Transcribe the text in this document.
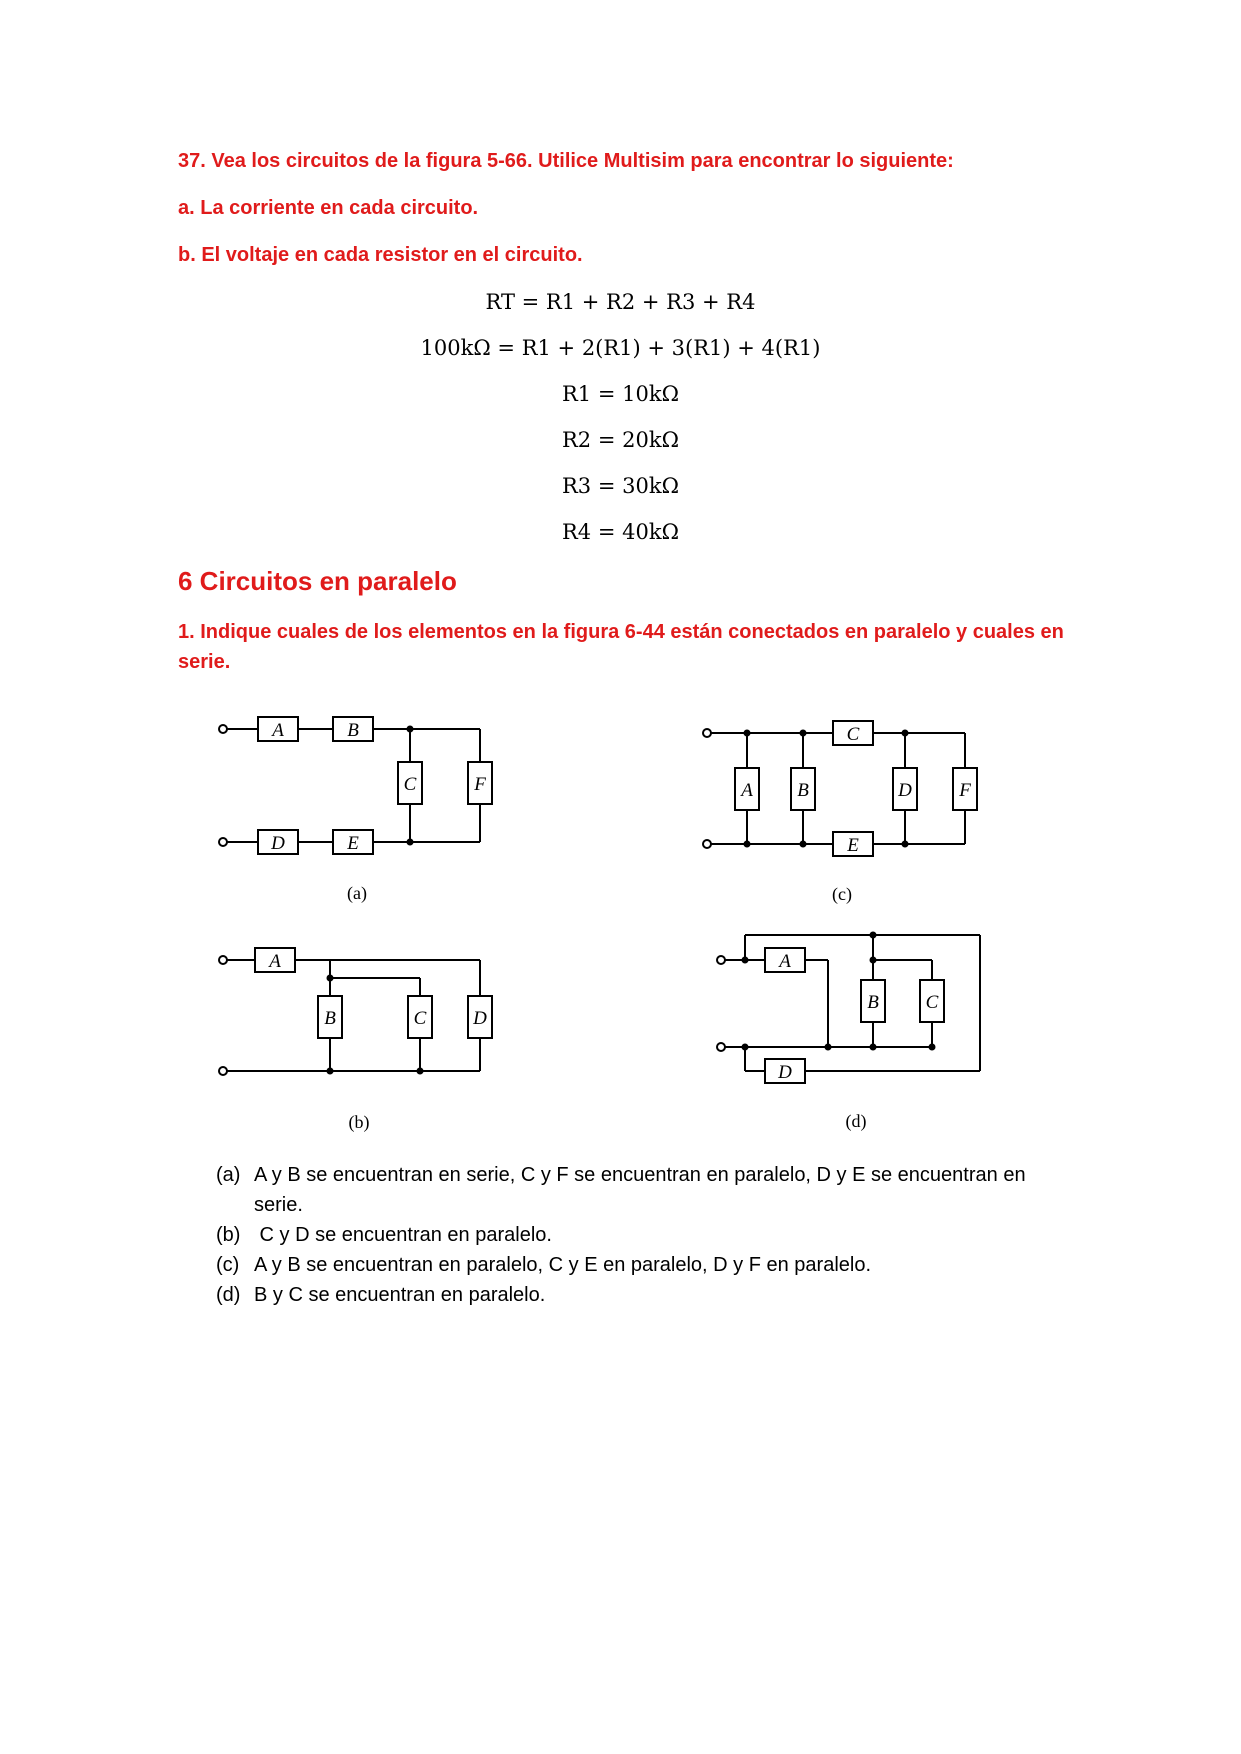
37. Vea los circuitos de la figura 5-66. Utilice Multisim para encontrar lo siguiente:
a. La corriente en cada circuito.
b. El voltaje en cada resistor en el circuito.
RT = R1 + R2 + R3 + R4
100kΩ = R1 + 2(R1) + 3(R1) + 4(R1)
R1 = 10kΩ
R2 = 20kΩ
R3 = 30kΩ
R4 = 40kΩ
6 Circuitos en paralelo
1. Indique cuales de los elementos en la figura 6-44 están conectados en paralelo y cuales en serie.
A	B
C	F
D	E
A
B	C D
C
A B	D F
E
A
B C
D
(a)
(b)
(c)
(d)
(a) A y B se encuentran en serie, C y F se encuentran en paralelo, D y E se encuentran en serie.
(b) C y D se encuentran en paralelo.
(c) A y B se encuentran en paralelo, C y E en paralelo, D y F en paralelo.
(d) B y C se encuentran en paralelo.
